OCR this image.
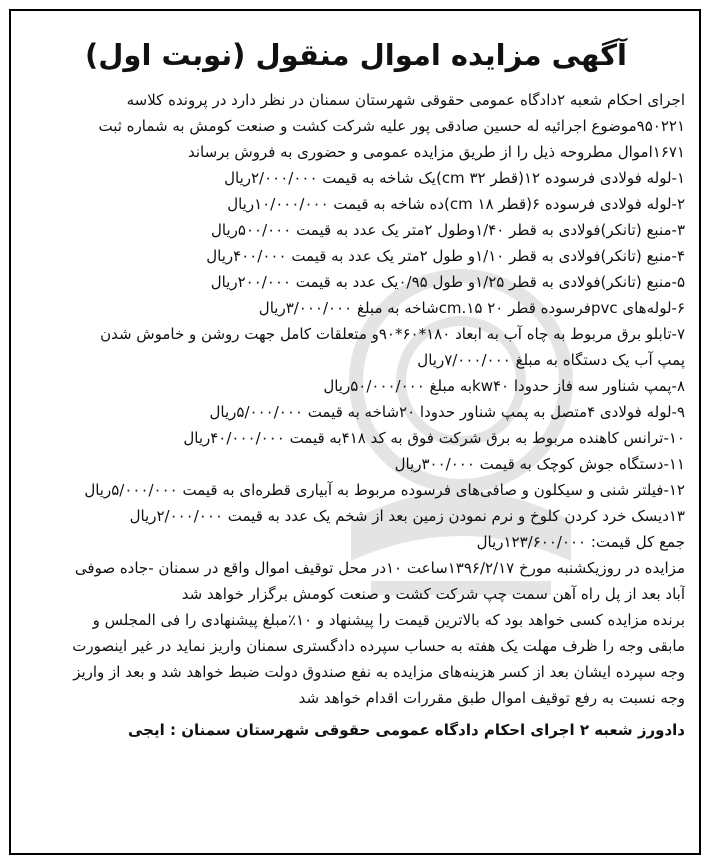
آگهی مزایده اموال منقول (نوبت اول)
اجرای احکام شعبه ۲دادگاه عمومی حقوقی شهرستان سمنان در نظر دارد در پرونده کلاسه
۹۵۰۲۲۱موضوع اجرائیه له حسین صادقی پور علیه شرکت کشت و صنعت کومش به شماره ثبت
۱۶۷۱اموال مطروحه ذیل را از طریق مزایده عمومی و حضوری به فروش برساند
۱-لوله فولادی فرسوده ۱۲(قطر ۳۲ cm)یک شاخه به قیمت ۲/۰۰۰/۰۰۰ریال
۲-لوله فولادی فرسوده ۶(قطر ۱۸ cm)ده شاخه به قیمت ۱۰/۰۰۰/۰۰۰ریال
۳-منبع (تانکر)فولادی به قطر ۱/۴۰وطول ۲متر یک عدد به قیمت ۵۰۰/۰۰۰ریال
۴-منبع (تانکر)فولادی به قطر ۱/۱۰و طول ۲متر یک عدد به قیمت ۴۰۰/۰۰۰ریال
۵-منبع (تانکر)فولادی به قطر ۱/۲۵و طول ۰/۹۵یک عدد به قیمت ۲۰۰/۰۰۰ریال
۶-لوله‌های pvcفرسوده قطر ۲۰ cm.۱۵شاخه به مبلغ ۳/۰۰۰/۰۰۰ریال
۷-تابلو برق مربوط به چاه آب به ابعاد ۱۸۰*۶۰*۹۰و متعلقات کامل جهت روشن و خاموش شدن
پمپ آب یک دستگاه به مبلغ ۷/۰۰۰/۰۰۰ریال
۸-پمپ شناور سه فاز حدودا kw۴۰به مبلغ ۵۰/۰۰۰/۰۰۰ریال
۹-لوله فولادی ۴متصل به پمپ شناور حدودا ۲۰شاخه به قیمت ۵/۰۰۰/۰۰۰ریال
۱۰-ترانس کاهنده مربوط به برق شرکت فوق به کد ۴۱۸به قیمت ۴۰/۰۰۰/۰۰۰ریال
۱۱-دستگاه جوش کوچک به قیمت ۳۰۰/۰۰۰ریال
۱۲-فیلتر شنی و سیکلون و صافی‌های فرسوده مربوط به آبیاری قطره‌ای به قیمت ۵/۰۰۰/۰۰۰ریال
۱۳دیسک خرد کردن کلوخ و نرم نمودن زمین بعد از شخم یک عدد به قیمت ۲/۰۰۰/۰۰۰ریال
جمع کل قیمت: ۱۲۳/۶۰۰/۰۰۰ریال
مزایده در روزیکشنبه مورخ ۱۳۹۶/۲/۱۷ساعت ۱۰در محل توقیف اموال واقع در سمنان -جاده صوفی
آباد بعد از پل راه آهن سمت چپ شرکت کشت و صنعت کومش برگزار خواهد شد
برنده مزایده کسی خواهد بود که بالاترین قیمت را پیشنهاد و ۱۰٪مبلغ پیشنهادی را فی المجلس و
مابقی وجه را ظرف مهلت یک هفته به حساب سپرده دادگستری سمنان واریز نماید در غیر اینصورت
وجه سپرده ایشان بعد از کسر هزینه‌های مزایده به نفع صندوق دولت ضبط خواهد شد و بعد از واریز
وجه نسبت به رفع توقیف اموال طبق مقررات اقدام خواهد شد
دادورز شعبه ۲ اجرای احکام دادگاه عمومی حقوقی شهرستان سمنان : ایجی
